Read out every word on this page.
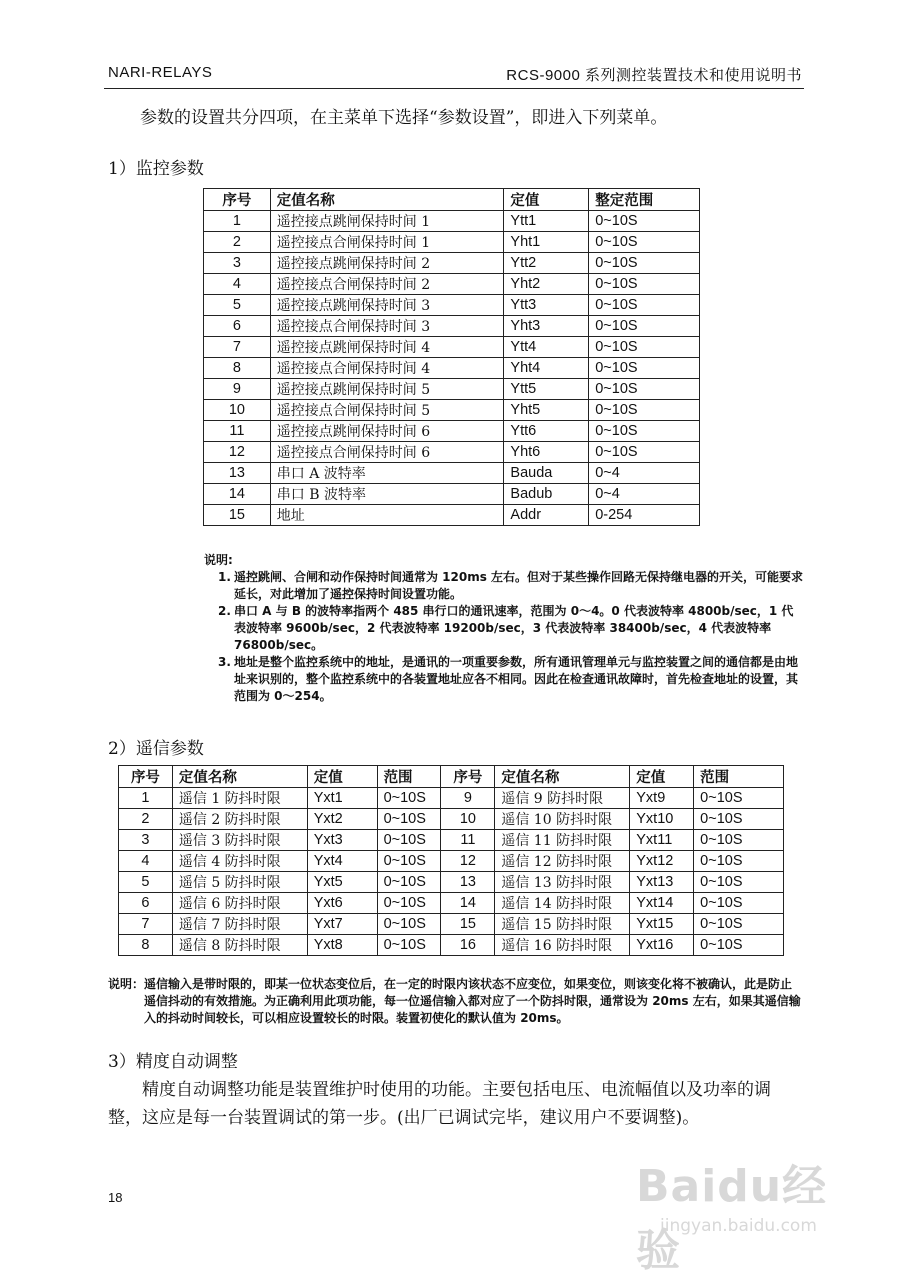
NARI-RELAYS	RCS-9000 系列测控装置技术和使用说明书
参数的设置共分四项，在主菜单下选择“参数设置”，即进入下列菜单。
1）监控参数
序号	定值名称	定值	整定范围
1	遥控接点跳闸保持时间 1	Ytt1	0~10S
2	遥控接点合闸保持时间 1	Yht1	0~10S
3	遥控接点跳闸保持时间 2	Ytt2	0~10S
4	遥控接点合闸保持时间 2	Yht2	0~10S
5	遥控接点跳闸保持时间 3	Ytt3	0~10S
6	遥控接点合闸保持时间 3	Yht3	0~10S
7	遥控接点跳闸保持时间 4	Ytt4	0~10S
8	遥控接点合闸保持时间 4	Yht4	0~10S
9	遥控接点跳闸保持时间 5	Ytt5	0~10S
10	遥控接点合闸保持时间 5	Yht5	0~10S
11	遥控接点跳闸保持时间 6	Ytt6	0~10S
12	遥控接点合闸保持时间 6	Yht6	0~10S
13	串口 A 波特率	Bauda	0~4
14	串口 B 波特率	Badub	0~4
15	地址	Addr	0-254
说明:
1. 遥控跳闸、合闸和动作保持时间通常为 120ms 左右。但对于某些操作回路无保持继电器的开关，可能要求延长，对此增加了遥控保持时间设置功能。
2. 串口 A 与 B 的波特率指两个 485 串行口的通讯速率，范围为 0～4。0 代表波特率 4800b/sec，1 代表波特率 9600b/sec，2 代表波特率 19200b/sec，3 代表波特率 38400b/sec，4 代表波特率 76800b/sec。
3. 地址是整个监控系统中的地址，是通讯的一项重要参数，所有通讯管理单元与监控装置之间的通信都是由地址来识别的，整个监控系统中的各装置地址应各不相同。因此在检查通讯故障时，首先检查地址的设置，其范围为 0～254。
2）遥信参数
序号	定值名称	定值	范围	序号	定值名称	定值	范围
1	遥信 1 防抖时限	Yxt1	0~10S	9	遥信 9 防抖时限	Yxt9	0~10S
2	遥信 2 防抖时限	Yxt2	0~10S	10	遥信 10 防抖时限	Yxt10	0~10S
3	遥信 3 防抖时限	Yxt3	0~10S	11	遥信 11 防抖时限	Yxt11	0~10S
4	遥信 4 防抖时限	Yxt4	0~10S	12	遥信 12 防抖时限	Yxt12	0~10S
5	遥信 5 防抖时限	Yxt5	0~10S	13	遥信 13 防抖时限	Yxt13	0~10S
6	遥信 6 防抖时限	Yxt6	0~10S	14	遥信 14 防抖时限	Yxt14	0~10S
7	遥信 7 防抖时限	Yxt7	0~10S	15	遥信 15 防抖时限	Yxt15	0~10S
8	遥信 8 防抖时限	Yxt8	0~10S	16	遥信 16 防抖时限	Yxt16	0~10S
说明： 遥信输入是带时限的，即某一位状态变位后，在一定的时限内该状态不应变位，如果变位，则该变化将不被确认，此是防止遥信抖动的有效措施。为正确利用此项功能，每一位遥信输入都对应了一个防抖时限，通常设为 20ms 左右，如果其遥信输入的抖动时间较长，可以相应设置较长的时限。装置初使化的默认值为 20ms。
3）精度自动调整
精度自动调整功能是装置维护时使用的功能。主要包括电压、电流幅值以及功率的调整，这应是每一台装置调试的第一步。(出厂已调试完毕，建议用户不要调整)。
18	Baidu经验
jingyan.baidu.com
